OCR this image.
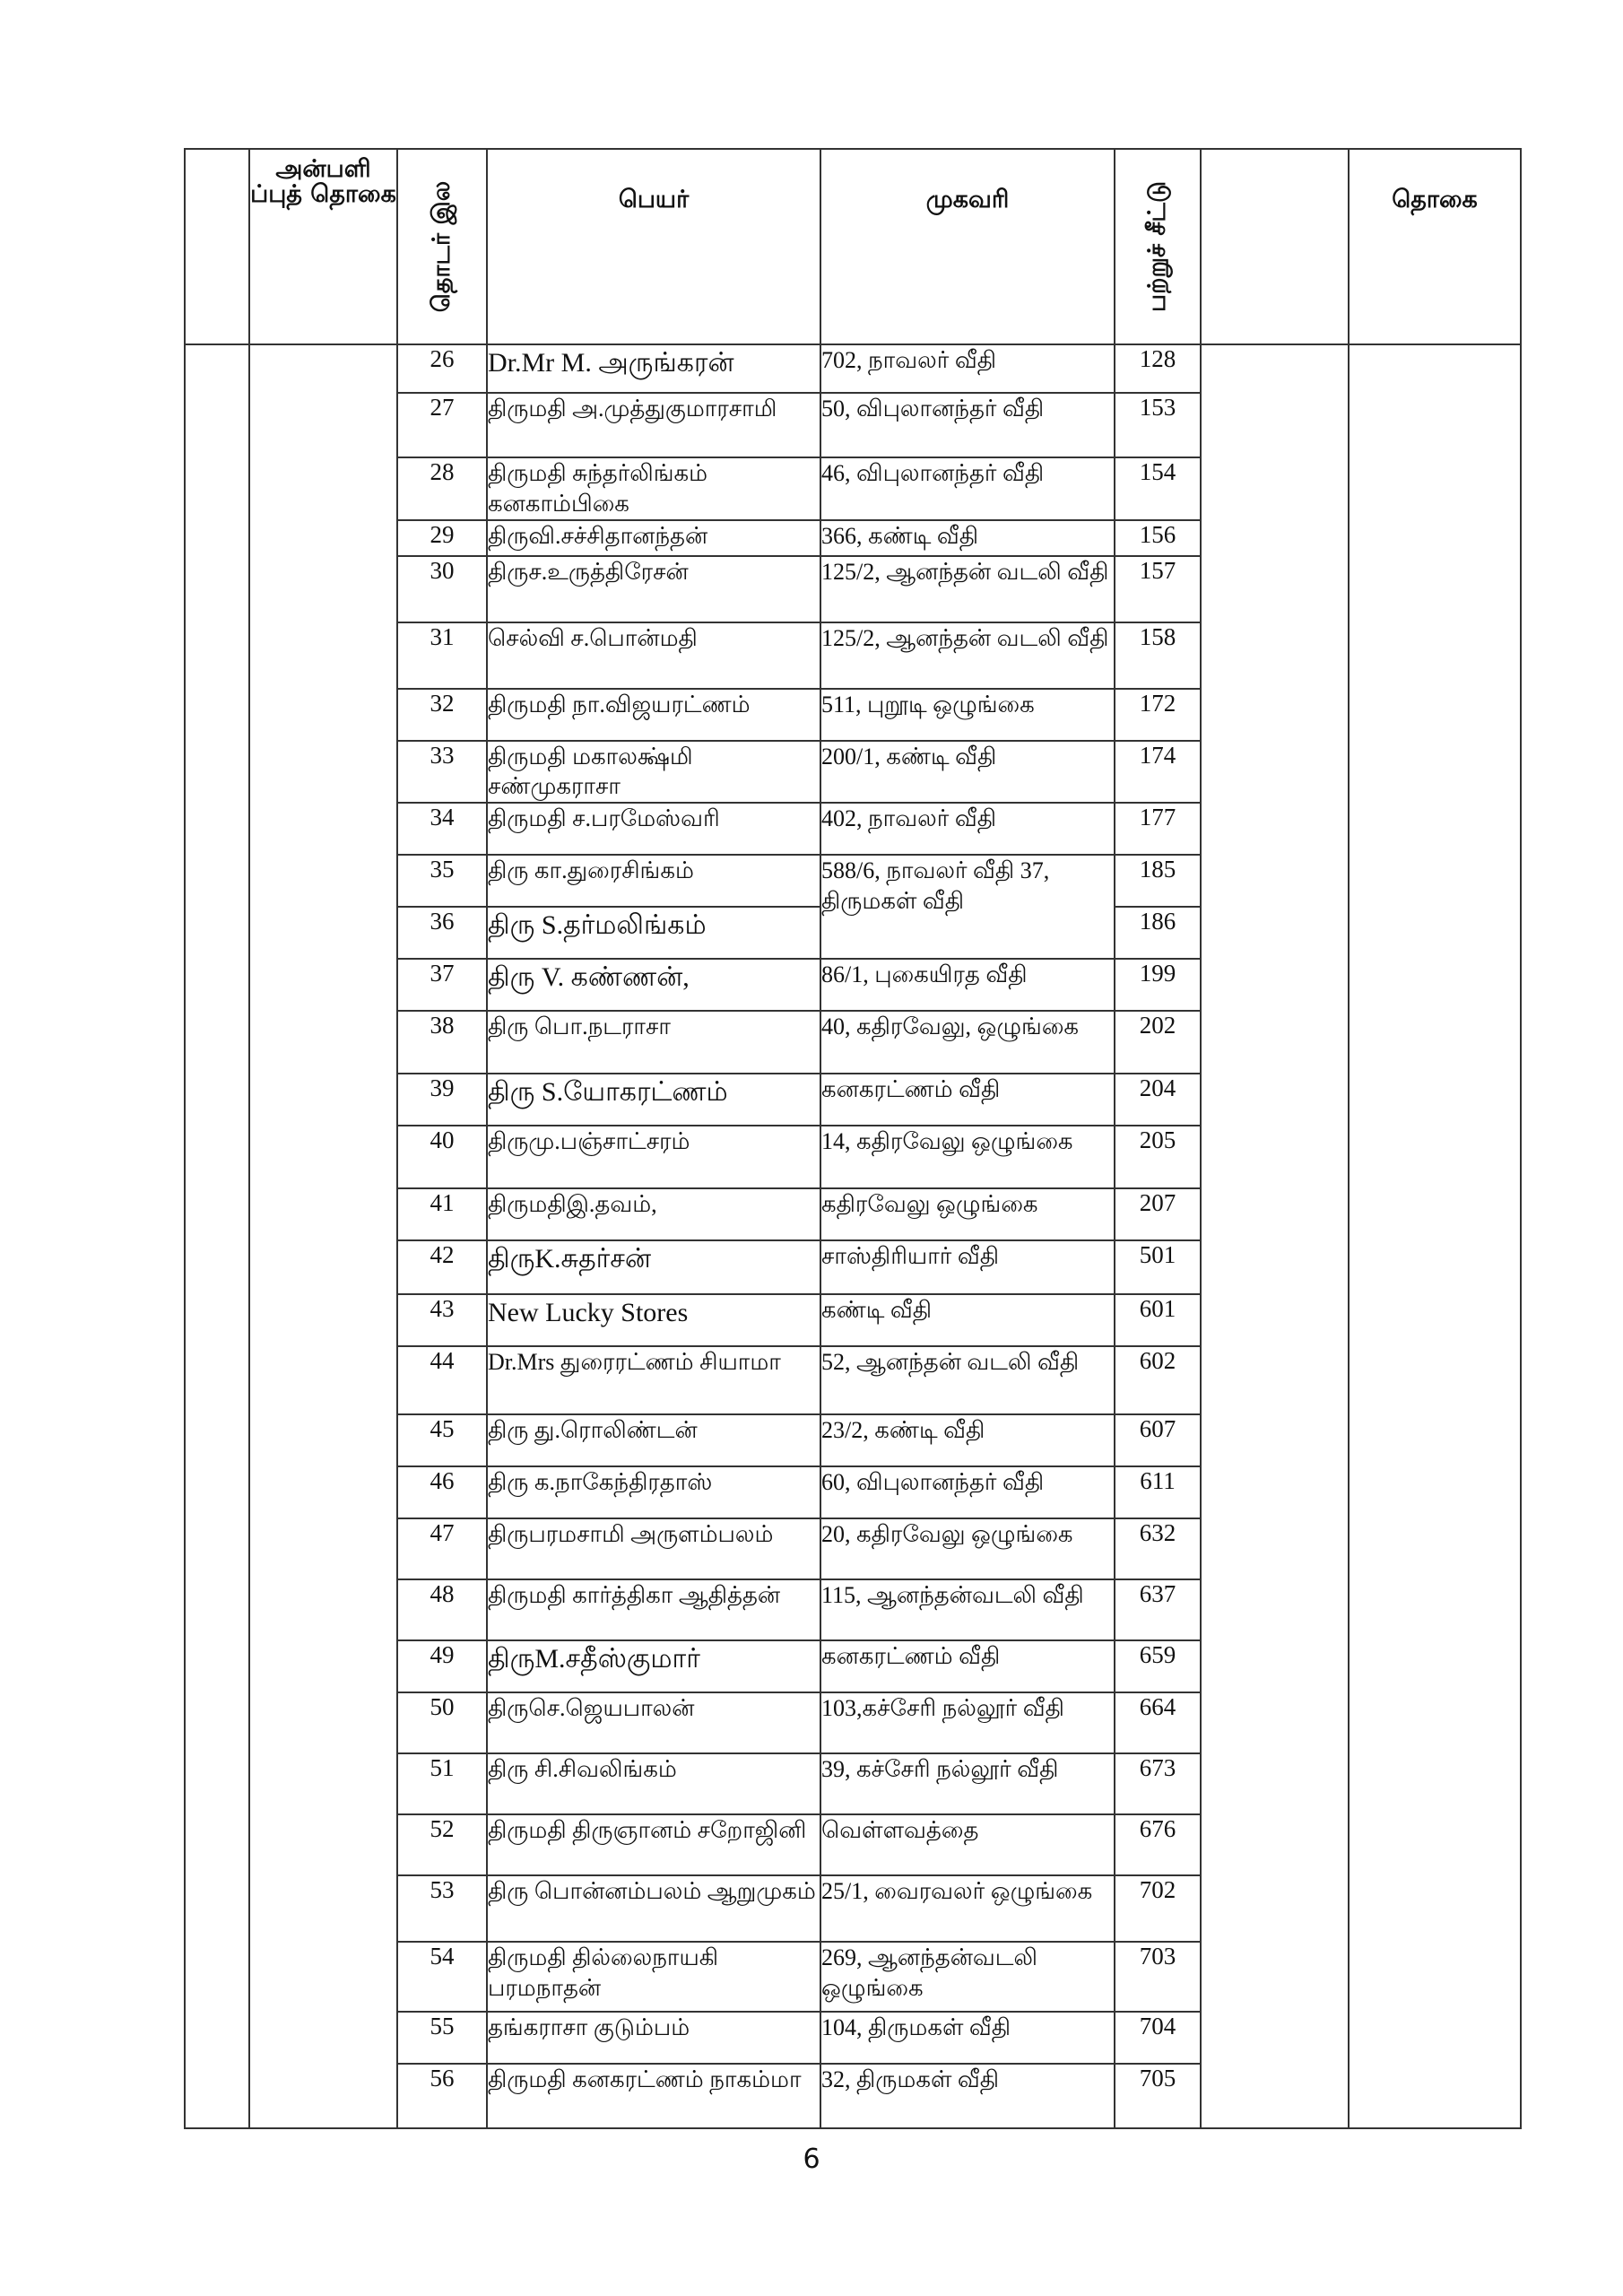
	அன்பளி ப்புத் தொகை	தொடர் இல	பெயர்	முகவரி	பற்றுச் சீட்டு		தொகை
		26	Dr.Mr M. அருங்கரன்	702, நாவலர் வீதி	128		
		27	திருமதி அ.முத்துகுமாரசாமி	50, விபுலானந்தர் வீதி	153		
		28	திருமதி சுந்தர்லிங்கம் கனகாம்பிகை	46, விபுலானந்தர் வீதி	154		
		29	திருவி.சச்சிதானந்தன்	366, கண்டி வீதி	156		
		30	திருச.உருத்திரேசன்	125/2, ஆனந்தன் வடலி வீதி	157		
		31	செல்வி ச.பொன்மதி	125/2, ஆனந்தன் வடலி வீதி	158		
		32	திருமதி நா.விஜயரட்ணம்	511, புறூடி ஒழுங்கை	172		
		33	திருமதி மகாலக்ஷ்மி சண்முகராசா	200/1, கண்டி வீதி	174		
		34	திருமதி ச.பரமேஸ்வரி	402, நாவலர் வீதி	177		
		35	திரு கா.துரைசிங்கம்	588/6, நாவலர் வீதி 37, திருமகள் வீதி	185		
		36	திரு S.தர்மலிங்கம்		186		
		37	திரு V. கண்ணன்,	86/1, புகையிரத வீதி	199		
		38	திரு பொ.நடராசா	40, கதிரவேலு, ஒழுங்கை	202		
		39	திரு S.யோகரட்ணம்	கனகரட்ணம் வீதி	204		
		40	திருமு.பஞ்சாட்சரம்	14, கதிரவேலு ஒழுங்கை	205		
		41	திருமதிஇ.தவம்,	கதிரவேலு ஒழுங்கை	207		
		42	திருK.சுதர்சன்	சாஸ்திரியார் வீதி	501		
		43	New Lucky Stores	கண்டி வீதி	601		
		44	Dr.Mrs துரைரட்ணம் சியாமா	52, ஆனந்தன் வடலி வீதி	602		
		45	திரு து.ரொலிண்டன்	23/2, கண்டி வீதி	607		
		46	திரு க.நாகேந்திரதாஸ்	60, விபுலானந்தர் வீதி	611		
		47	திருபரமசாமி அருளம்பலம்	20, கதிரவேலு ஒழுங்கை	632		
		48	திருமதி கார்த்திகா ஆதித்தன்	115, ஆனந்தன்வடலி வீதி	637		
		49	திருM.சதீஸ்குமார்	கனகரட்ணம் வீதி	659		
		50	திருசெ.ஜெயபாலன்	103,கச்சேரி நல்லூர் வீதி	664		
		51	திரு சி.சிவலிங்கம்	39, கச்சேரி நல்லூர் வீதி	673		
		52	திருமதி திருஞானம் சறோஜினி	வெள்ளவத்தை	676		
		53	திரு பொன்னம்பலம் ஆறுமுகம்	25/1, வைரவலர் ஒழுங்கை	702		
		54	திருமதி தில்லைநாயகி பரமநாதன்	269, ஆனந்தன்வடலி ஒழுங்கை	703		
		55	தங்கராசா குடும்பம்	104, திருமகள் வீதி	704		
		56	திருமதி கனகரட்ணம் நாகம்மா	32, திருமகள் வீதி	705		
6
